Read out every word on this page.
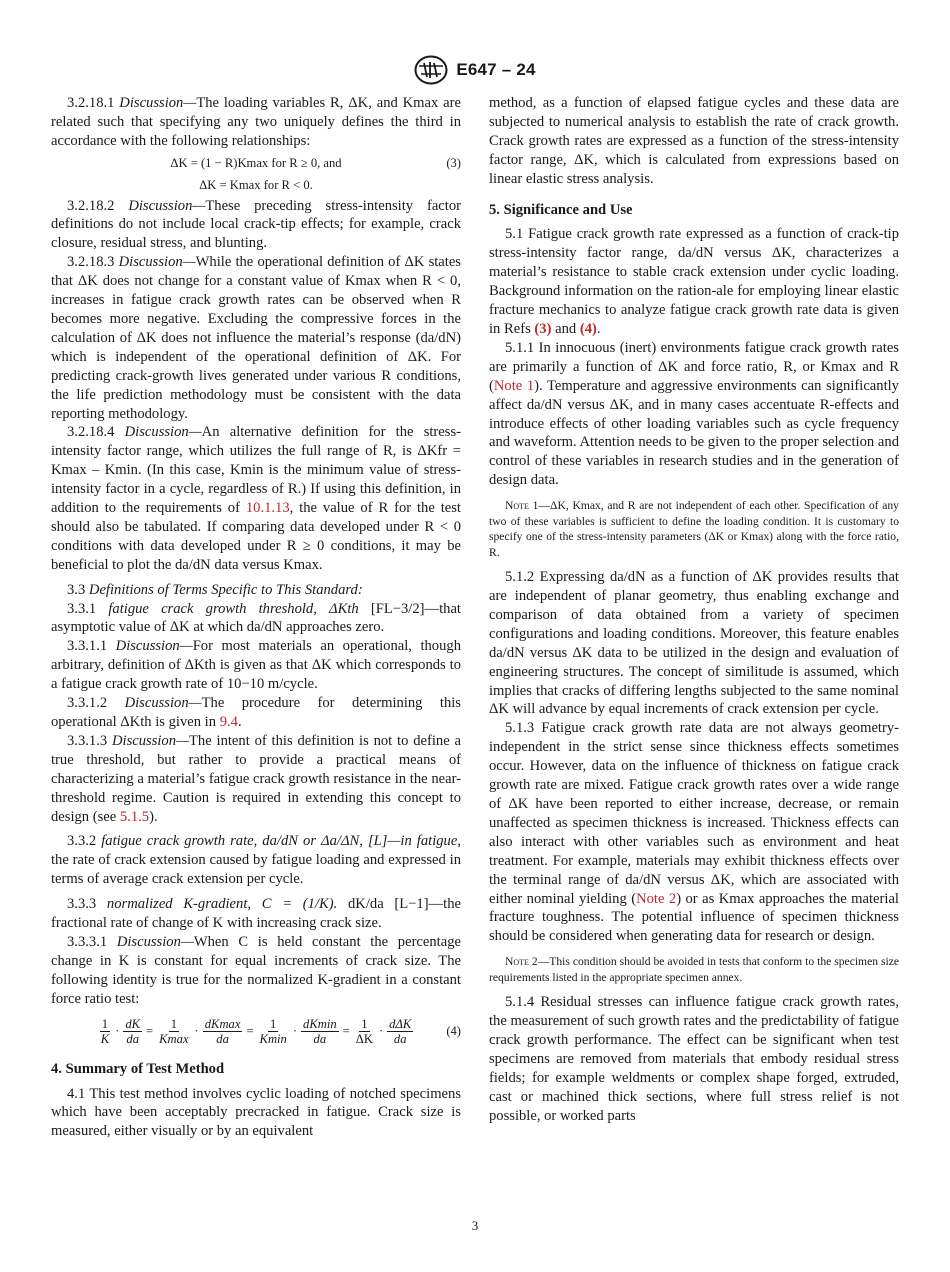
E647 – 24

3.2.18.1 Discussion—The loading variables R, ΔK, and Kmax are related such that specifying any two uniquely defines the third in accordance with the following relationships:

ΔK = (1 − R)Kmax for R ≥ 0, and	(3)
ΔK = Kmax for R < 0.

3.2.18.2 Discussion—These preceding stress-intensity factor definitions do not include local crack-tip effects; for example, crack closure, residual stress, and blunting.

3.2.18.3 Discussion—While the operational definition of ΔK states that ΔK does not change for a constant value of Kmax when R < 0, increases in fatigue crack growth rates can be observed when R becomes more negative. Excluding the compressive forces in the calculation of ΔK does not influence the material’s response (da/dN) which is independent of the operational definition of ΔK. For predicting crack-growth lives generated under various R conditions, the life prediction methodology must be consistent with the data reporting methodology.

3.2.18.4 Discussion—An alternative definition for the stress-intensity factor range, which utilizes the full range of R, is ΔKfr = Kmax – Kmin. (In this case, Kmin is the minimum value of stress-intensity factor in a cycle, regardless of R.) If using this definition, in addition to the requirements of 10.1.13, the value of R for the test should also be tabulated. If comparing data developed under R < 0 conditions with data developed under R ≥ 0 conditions, it may be beneficial to plot the da/dN data versus Kmax.

3.3 Definitions of Terms Specific to This Standard:

3.3.1 fatigue crack growth threshold, ΔKth [FL−3/2]—that asymptotic value of ΔK at which da/dN approaches zero.

3.3.1.1 Discussion—For most materials an operational, though arbitrary, definition of ΔKth is given as that ΔK which corresponds to a fatigue crack growth rate of 10−10 m/cycle.

3.3.1.2 Discussion—The procedure for determining this operational ΔKth is given in 9.4.

3.3.1.3 Discussion—The intent of this definition is not to define a true threshold, but rather to provide a practical means of characterizing a material’s fatigue crack growth resistance in the near-threshold regime. Caution is required in extending this concept to design (see 5.1.5).

3.3.2 fatigue crack growth rate, da/dN or Δa/ΔN, [L]—in fatigue, the rate of crack extension caused by fatigue loading and expressed in terms of average crack extension per cycle.

3.3.3 normalized K-gradient, C = (1/K). dK/da [L−1]—the fractional rate of change of K with increasing crack size.

3.3.3.1 Discussion—When C is held constant the percentage change in K is constant for equal increments of crack size. The following identity is true for the normalized K-gradient in a constant force ratio test:

$\frac{1}{K} \cdot \frac{dK}{da} = \frac{1}{Kmax} \cdot \frac{dKmax}{da} = \frac{1}{Kmin} \cdot \frac{dKmin}{da} = \frac{1}{\Delta K} \cdot \frac{\text{dΔK}}{da}$	(4)

4. Summary of Test Method

4.1 This test method involves cyclic loading of notched specimens which have been acceptably precracked in fatigue. Crack size is measured, either visually or by an equivalent

method, as a function of elapsed fatigue cycles and these data are subjected to numerical analysis to establish the rate of crack growth. Crack growth rates are expressed as a function of the stress-intensity factor range, ΔK, which is calculated from expressions based on linear elastic stress analysis.

5. Significance and Use

5.1 Fatigue crack growth rate expressed as a function of crack-tip stress-intensity factor range, da/dN versus ΔK, characterizes a material’s resistance to stable crack extension under cyclic loading. Background information on the ration-ale for employing linear elastic fracture mechanics to analyze fatigue crack growth rate data is given in Refs (3) and (4).

5.1.1 In innocuous (inert) environments fatigue crack growth rates are primarily a function of ΔK and force ratio, R, or Kmax and R (Note 1). Temperature and aggressive environments can significantly affect da/dN versus ΔK, and in many cases accentuate R-effects and introduce effects of other loading variables such as cycle frequency and waveform. Attention needs to be given to the proper selection and control of these variables in research studies and in the generation of design data.

Note 1—ΔK, Kmax, and R are not independent of each other. Specification of any two of these variables is sufficient to define the loading condition. It is customary to specify one of the stress-intensity parameters (ΔK or Kmax) along with the force ratio, R.

5.1.2 Expressing da/dN as a function of ΔK provides results that are independent of planar geometry, thus enabling exchange and comparison of data obtained from a variety of specimen configurations and loading conditions. Moreover, this feature enables da/dN versus ΔK data to be utilized in the design and evaluation of engineering structures. The concept of similitude is assumed, which implies that cracks of differing lengths subjected to the same nominal ΔK will advance by equal increments of crack extension per cycle.

5.1.3 Fatigue crack growth rate data are not always geometry-independent in the strict sense since thickness effects sometimes occur. However, data on the influence of thickness on fatigue crack growth rate are mixed. Fatigue crack growth rates over a wide range of ΔK have been reported to either increase, decrease, or remain unaffected as specimen thickness is increased. Thickness effects can also interact with other variables such as environment and heat treatment. For example, materials may exhibit thickness effects over the terminal range of da/dN versus ΔK, which are associated with either nominal yielding (Note 2) or as Kmax approaches the material fracture toughness. The potential influence of specimen thickness should be considered when generating data for research or design.

Note 2—This condition should be avoided in tests that conform to the specimen size requirements listed in the appropriate specimen annex.

5.1.4 Residual stresses can influence fatigue crack growth rates, the measurement of such growth rates and the predictability of fatigue crack growth performance. The effect can be significant when test specimens are removed from materials that embody residual stress fields; for example weldments or complex shape forged, extruded, cast or machined thick sections, where full stress relief is not possible, or worked parts

3
